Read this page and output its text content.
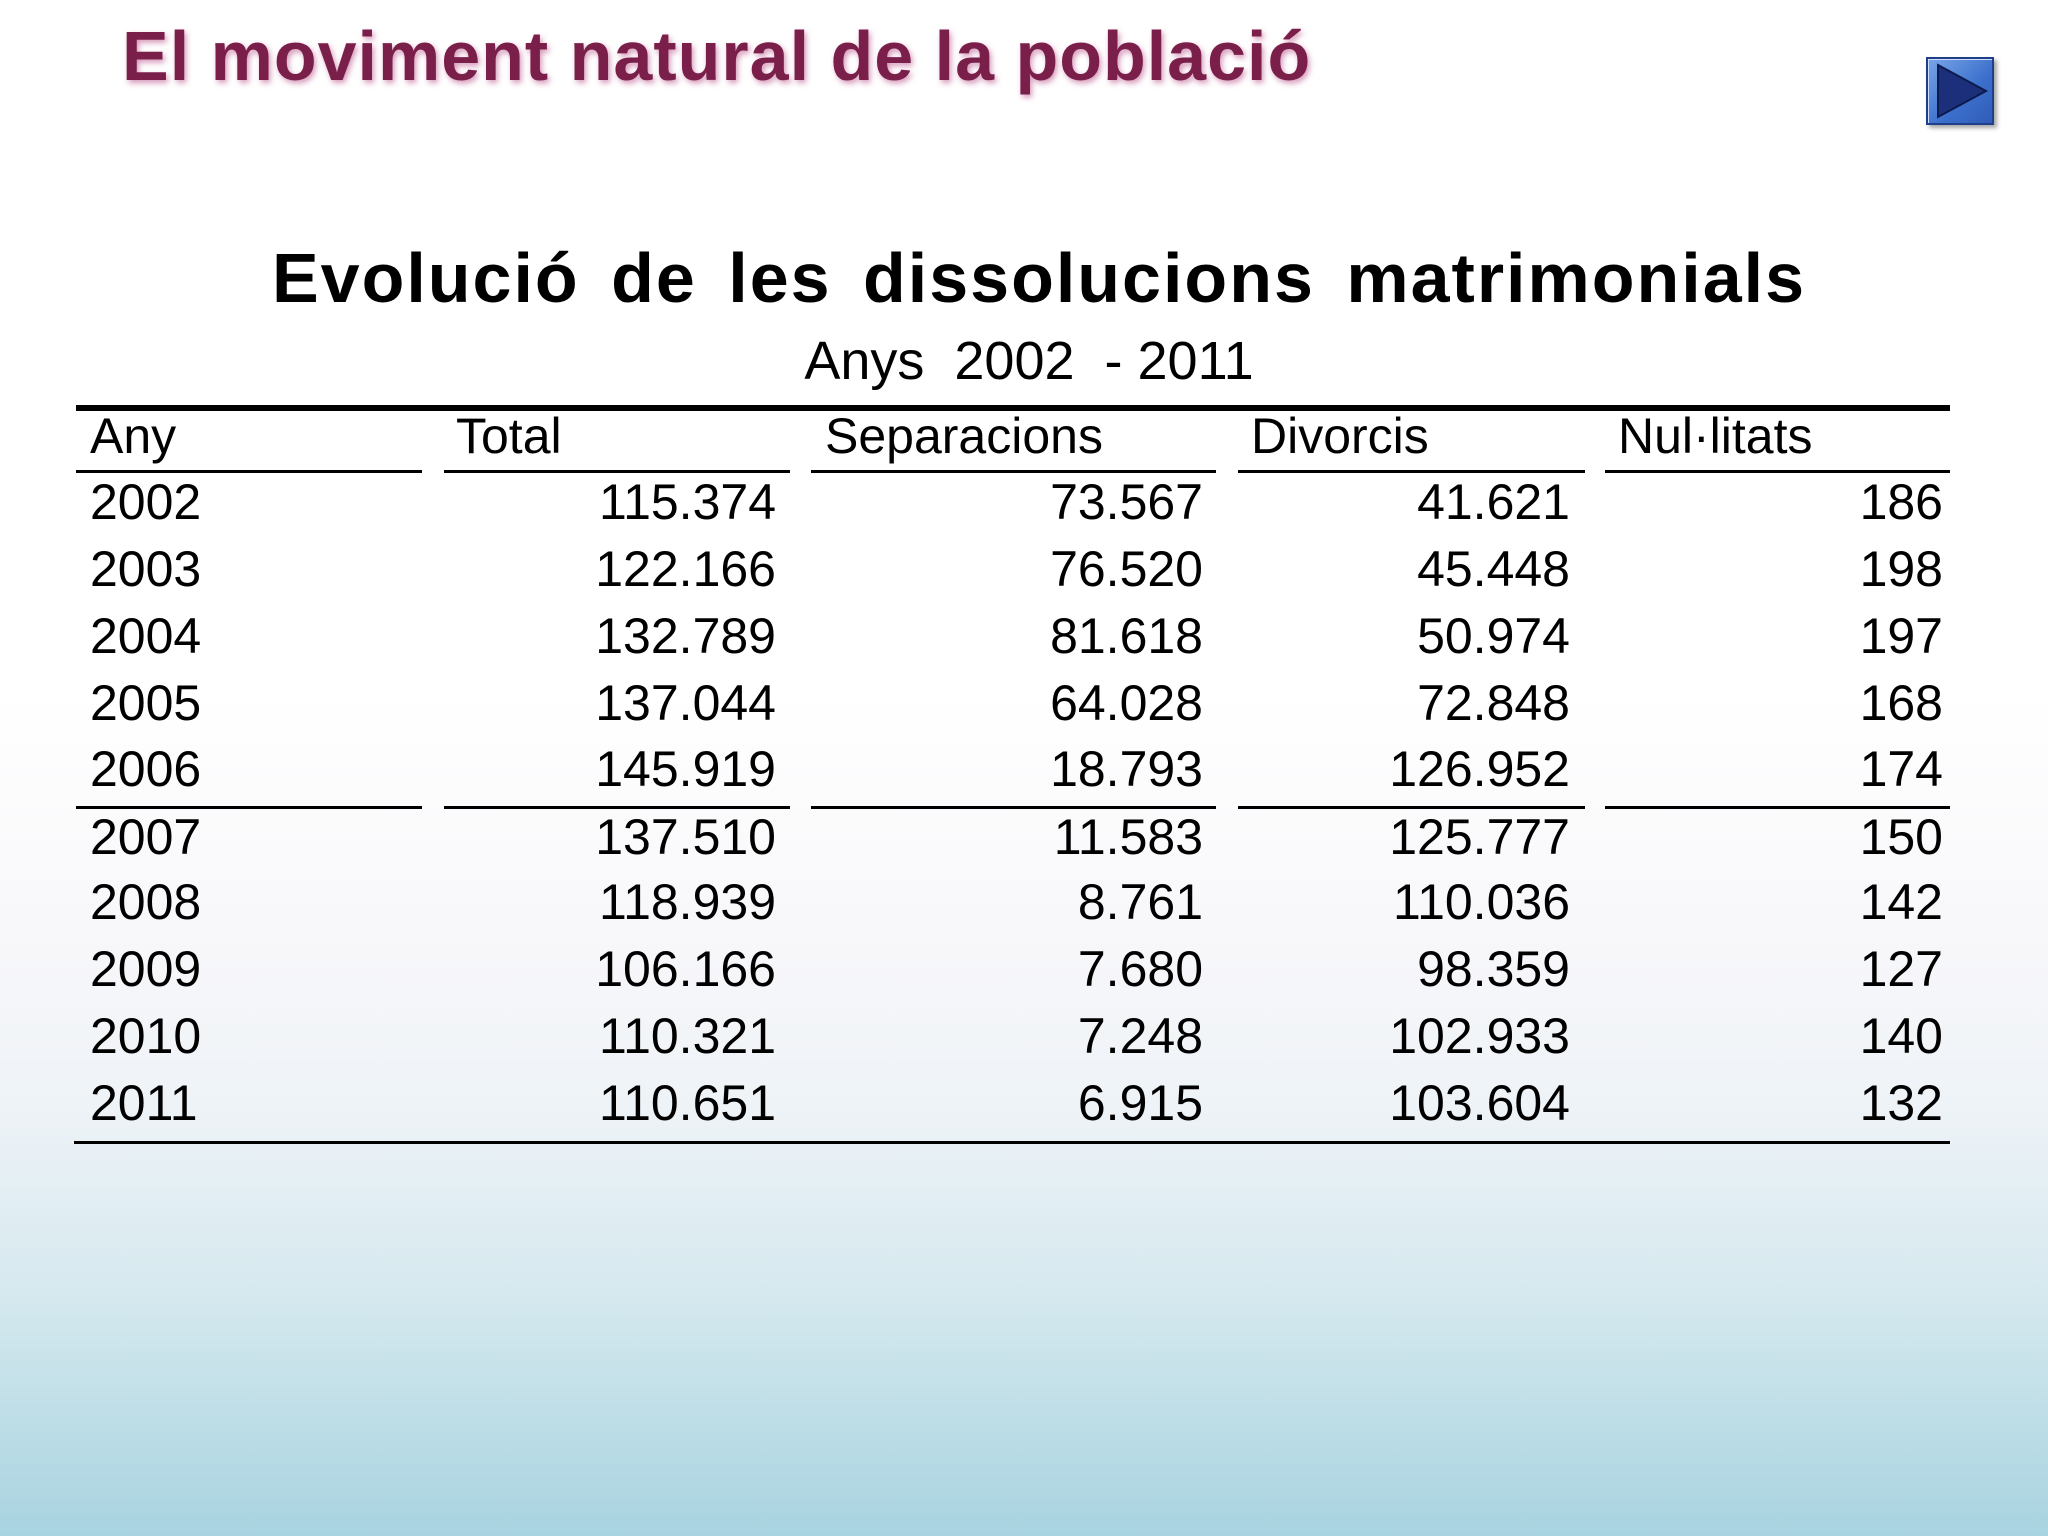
El moviment natural de la població
Evolució de les dissolucions matrimonials
Anys  2002  - 2011
Any	Total	Separacions	Divorcis	Nul·litats
2002	115.374	73.567	41.621	186
2003	122.166	76.520	45.448	198
2004	132.789	81.618	50.974	197
2005	137.044	64.028	72.848	168
2006	145.919	18.793	126.952	174
2007	137.510	11.583	125.777	150
2008	118.939	8.761	110.036	142
2009	106.166	7.680	98.359	127
2010	110.321	7.248	102.933	140
2011	110.651	6.915	103.604	132
